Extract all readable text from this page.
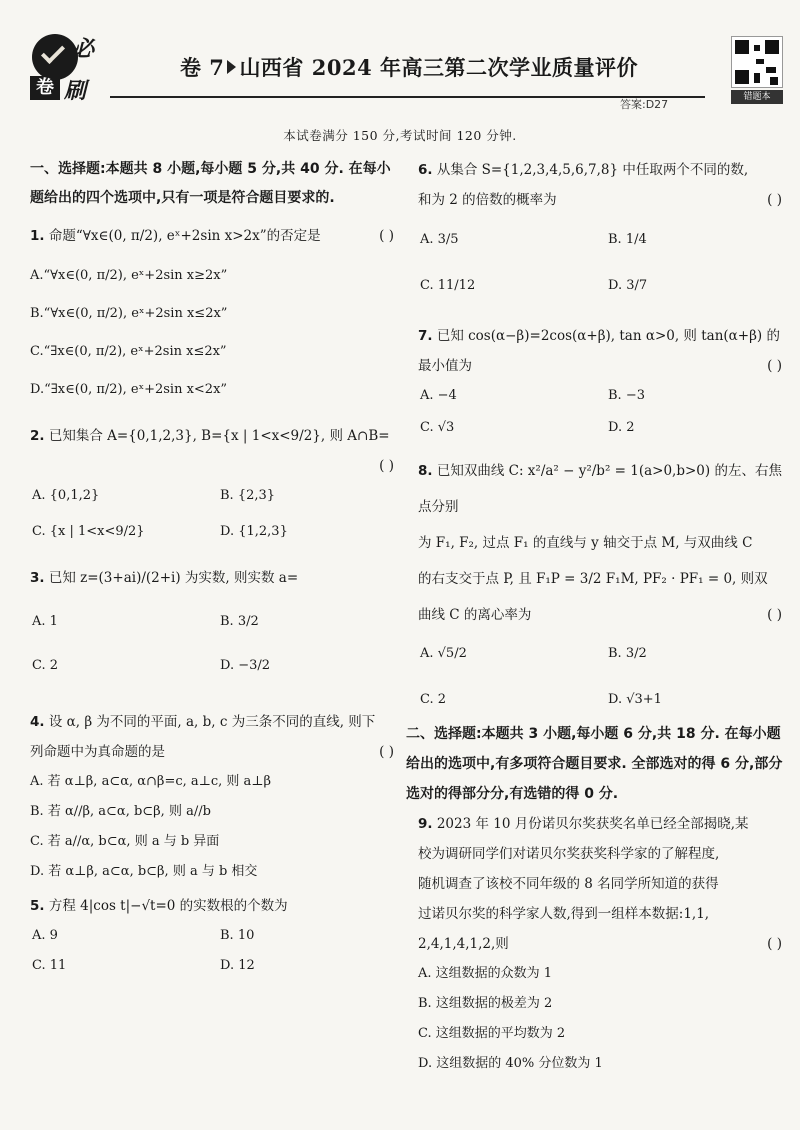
必
卷 刷
卷 7 山西省 2024 年高三第二次学业质量评价
答案:D27
错题本
本试卷满分 150 分,考试时间 120 分钟.
一、选择题:本题共 8 小题,每小题 5 分,共 40 分. 在每小题给出的四个选项中,只有一项是符合题目要求的.
1. 命题“∀x∈(0, π/2), eˣ+2sin x>2x”的否定是	( )
A.“∀x∈(0, π/2), eˣ+2sin x≥2x”
B.“∀x∈(0, π/2), eˣ+2sin x≤2x”
C.“∃x∈(0, π/2), eˣ+2sin x≤2x”
D.“∃x∈(0, π/2), eˣ+2sin x<2x”
2. 已知集合 A={0,1,2,3}, B={x | 1<x<9/2}, 则 A∩B=
( )
A. {0,1,2}	B. {2,3}
C. {x | 1<x<9/2}	D. {1,2,3}
3. 已知 z=(3+ai)/(2+i) 为实数, 则实数 a=
A. 1	B. 3/2
C. 2	D. −3/2
4. 设 α, β 为不同的平面, a, b, c 为三条不同的直线, 则下
列命题中为真命题的是	( )
A. 若 α⊥β, a⊂α, α∩β=c, a⊥c, 则 a⊥β
B. 若 α//β, a⊂α, b⊂β, 则 a//b
C. 若 a//α, b⊂α, 则 a 与 b 异面
D. 若 α⊥β, a⊂α, b⊂β, 则 a 与 b 相交
5. 方程 4|cos t|−√t=0 的实数根的个数为
A. 9	B. 10
C. 11	D. 12
6. 从集合 S={1,2,3,4,5,6,7,8} 中任取两个不同的数,
和为 2 的倍数的概率为	( )
A. 3/5	B. 1/4
C. 11/12	D. 3/7
7. 已知 cos(α−β)=2cos(α+β), tan α>0, 则 tan(α+β) 的
最小值为	( )
A. −4	B. −3
C. √3	D. 2
8. 已知双曲线 C: x²/a² − y²/b² = 1(a>0,b>0) 的左、右焦点分别
为 F₁, F₂, 过点 F₁ 的直线与 y 轴交于点 M, 与双曲线 C
的右支交于点 P, 且 F₁P = 3/2 F₁M, PF₂ · PF₁ = 0, 则双
曲线 C 的离心率为	( )
A. √5/2	B. 3/2
C. 2	D. √3+1
二、选择题:本题共 3 小题,每小题 6 分,共 18 分. 在每小题给出的选项中,有多项符合题目要求. 全部选对的得 6 分,部分选对的得部分分,有选错的得 0 分.
9. 2023 年 10 月份诺贝尔奖获奖名单已经全部揭晓,某
校为调研同学们对诺贝尔奖获奖科学家的了解程度,
随机调查了该校不同年级的 8 名同学所知道的获得
过诺贝尔奖的科学家人数,得到一组样本数据:1,1,
2,4,1,4,1,2,则	( )
A. 这组数据的众数为 1
B. 这组数据的极差为 2
C. 这组数据的平均数为 2
D. 这组数据的 40% 分位数为 1
